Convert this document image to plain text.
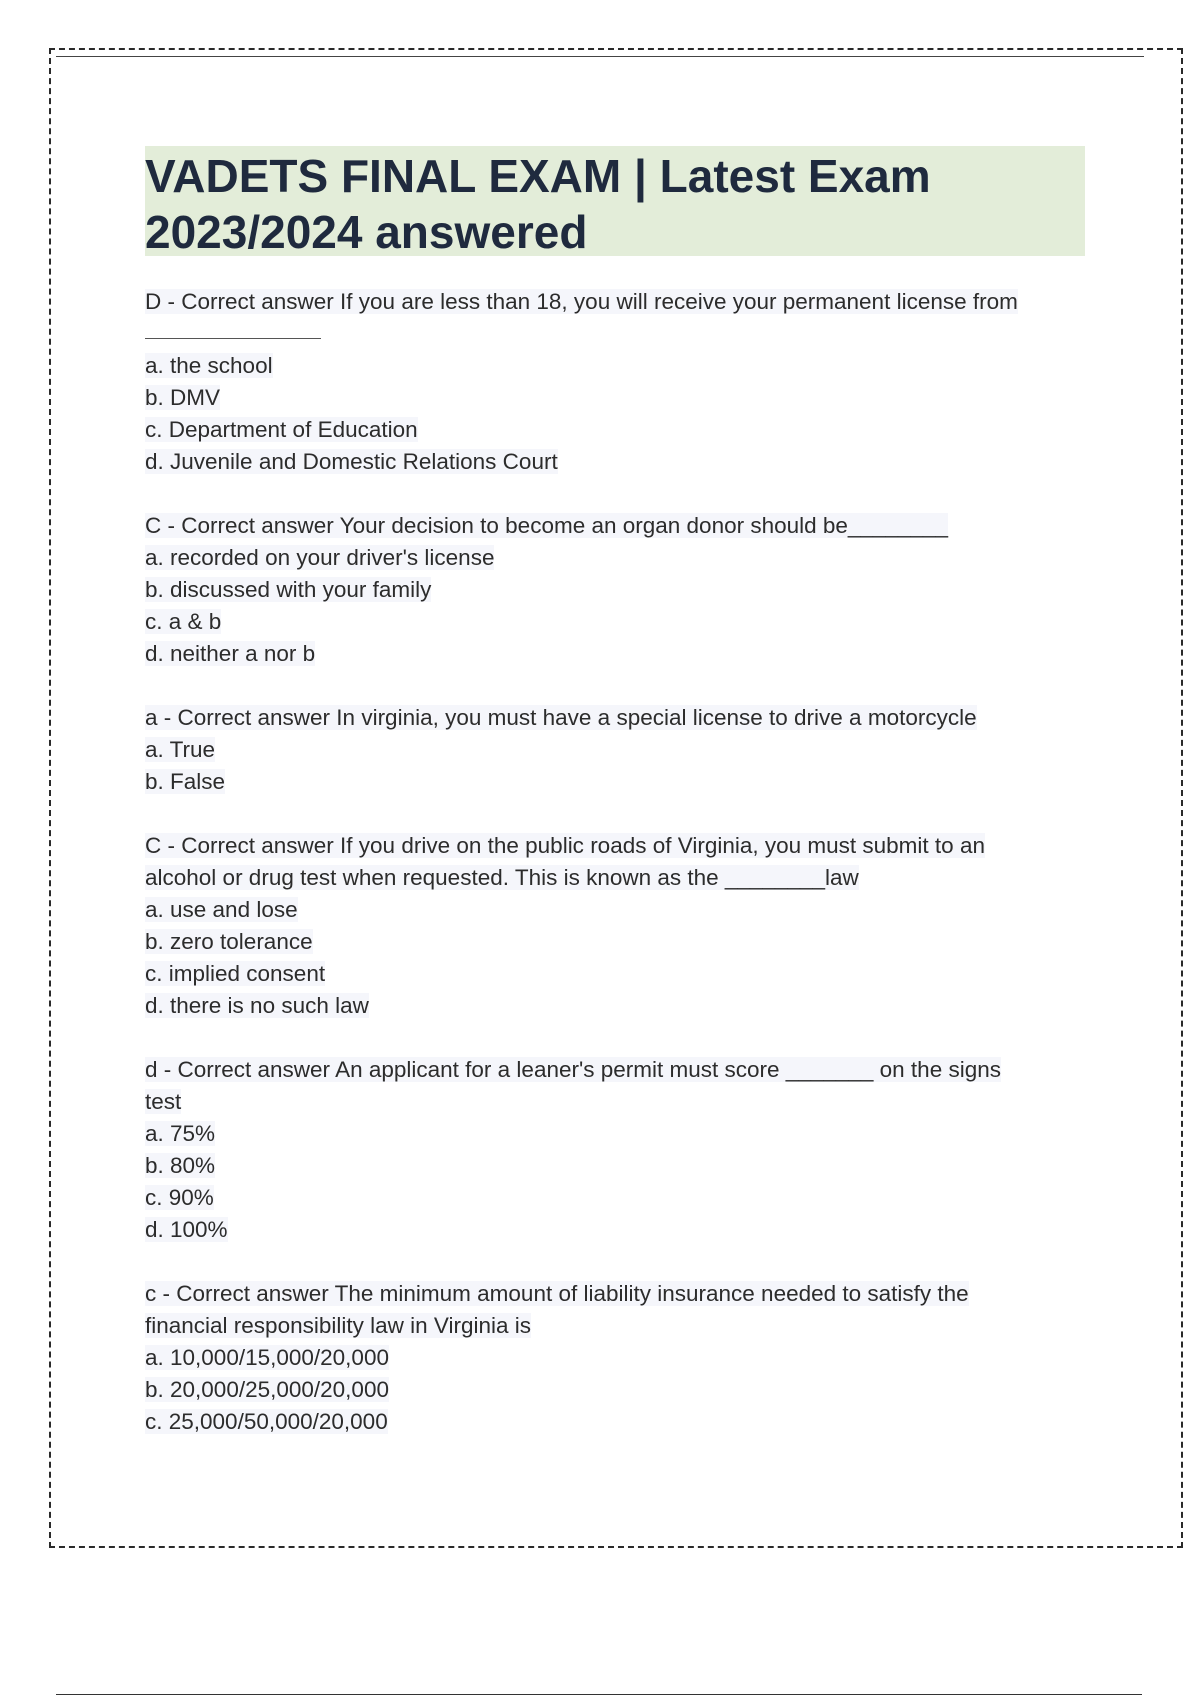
VADETS FINAL EXAM | Latest Exam
2023/2024 answered
D - Correct answer If you are less than 18, you will receive your permanent license from
a. the school
b. DMV
c. Department of Education
d. Juvenile and Domestic Relations Court
C - Correct answer Your decision to become an organ donor should be________
a. recorded on your driver's license
b. discussed with your family
c. a & b
d. neither a nor b
a - Correct answer In virginia, you must have a special license to drive a motorcycle
a. True
b. False
C - Correct answer If you drive on the public roads of Virginia, you must submit to an
alcohol or drug test when requested. This is known as the ________law
a. use and lose
b. zero tolerance
c. implied consent
d. there is no such law
d - Correct answer An applicant for a leaner's permit must score _______ on the signs
test
a. 75%
b. 80%
c. 90%
d. 100%
c - Correct answer The minimum amount of liability insurance needed to satisfy the
financial responsibility law in Virginia is
a. 10,000/15,000/20,000
b. 20,000/25,000/20,000
c. 25,000/50,000/20,000
